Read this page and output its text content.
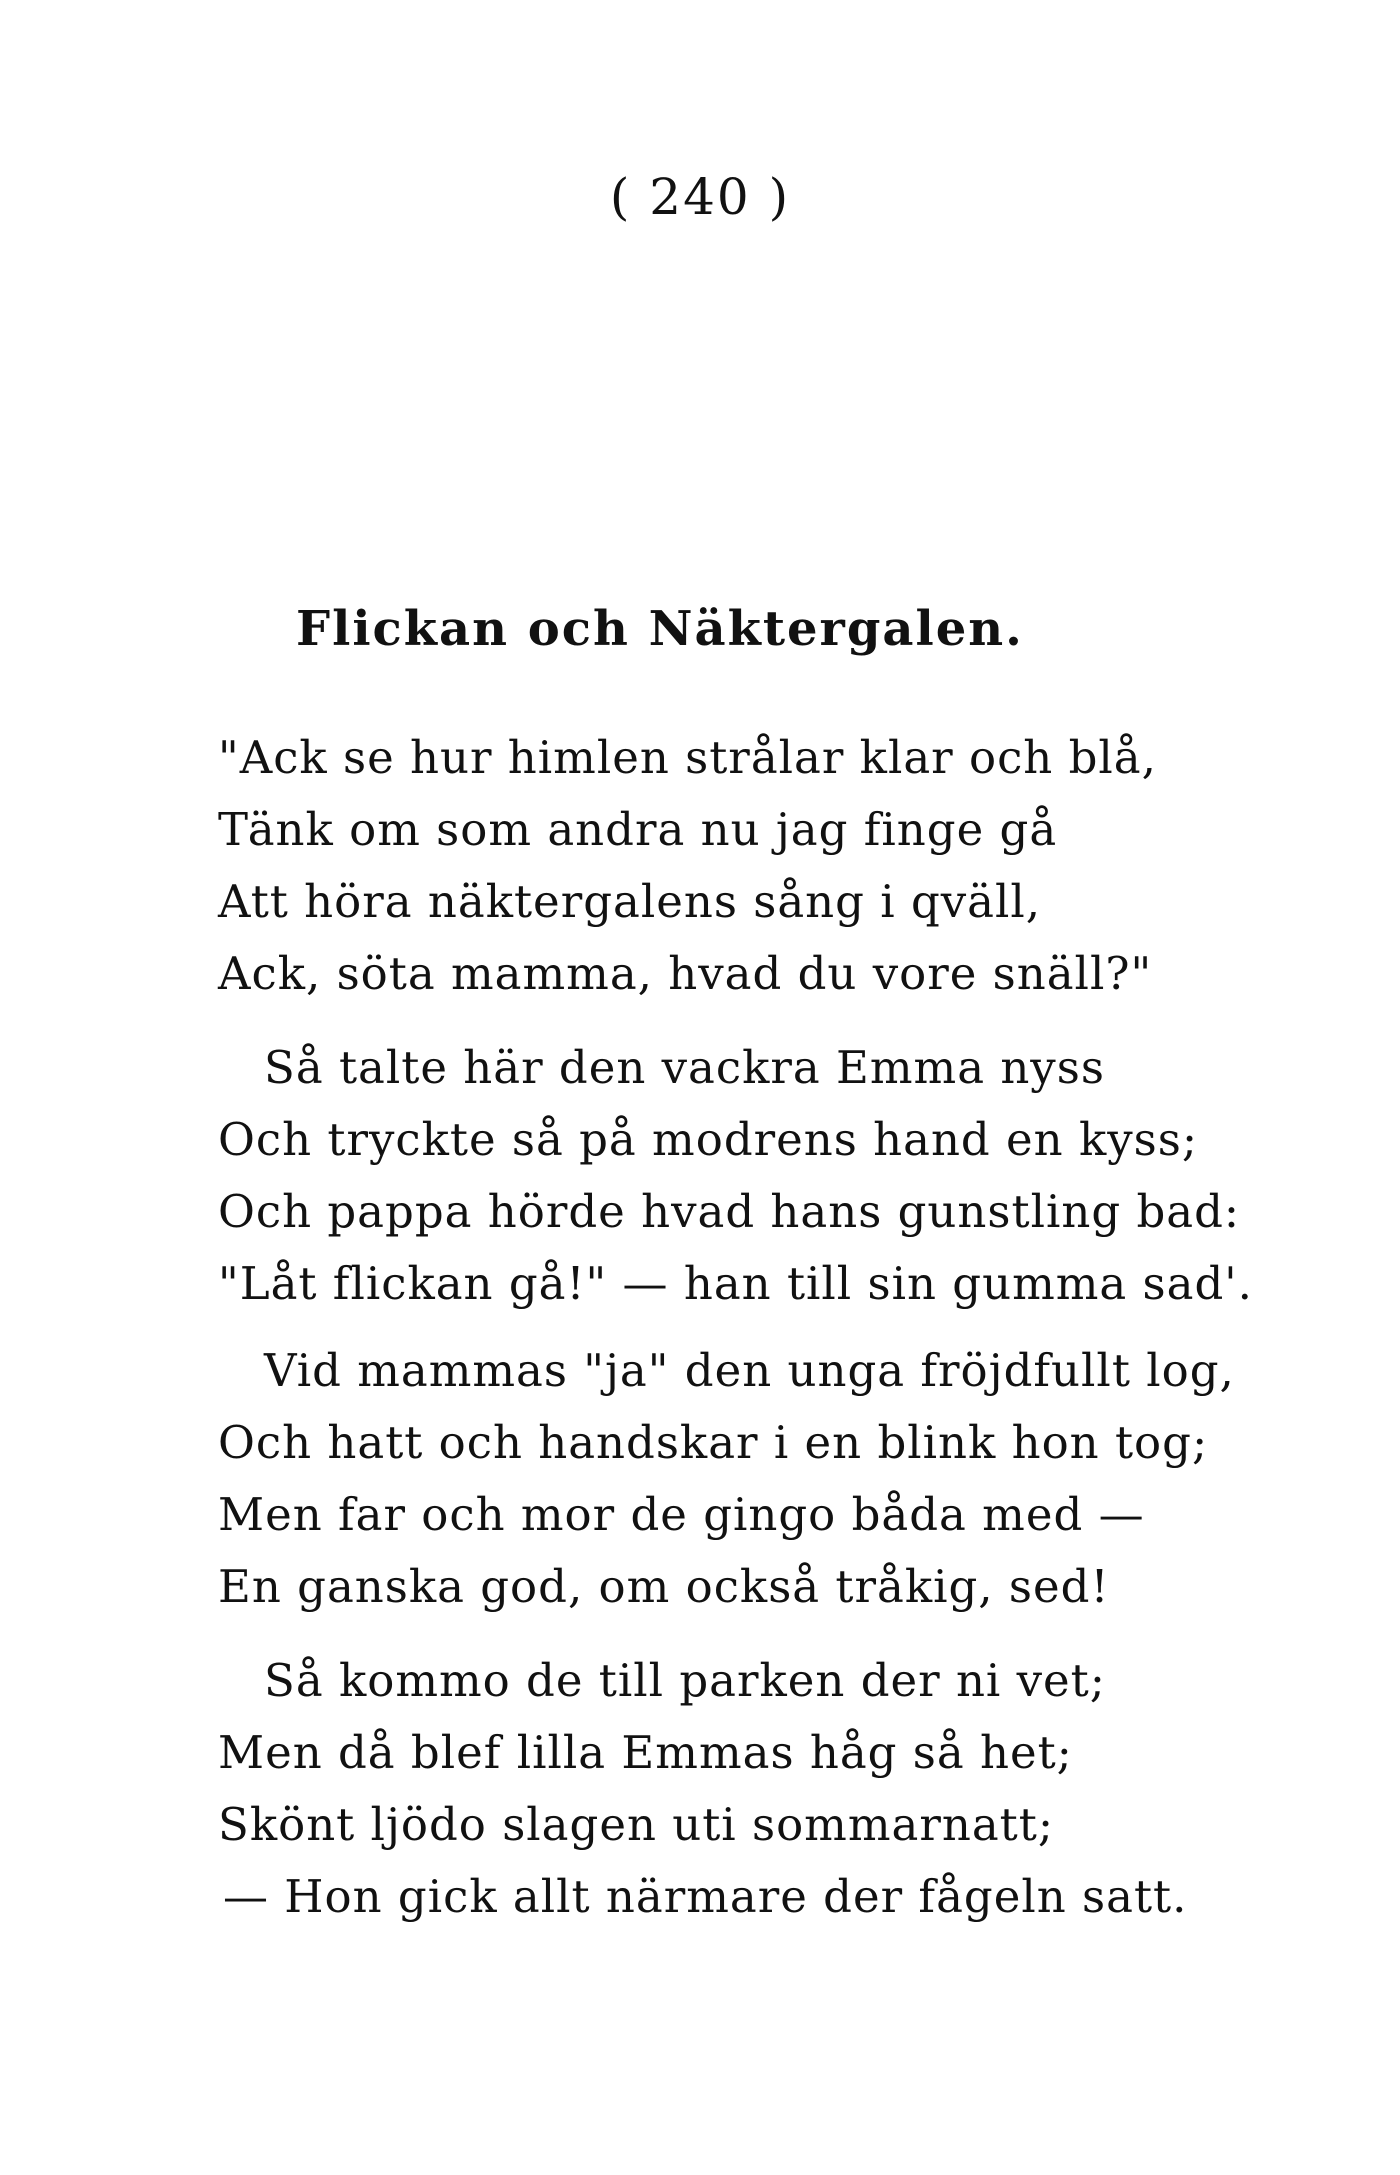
( 240 )
Flickan och Näktergalen.
"Ack se hur himlen strålar klar och blå,
Tänk om som andra nu jag finge gå
Att höra näktergalens sång i qväll,
Ack, söta mamma, hvad du vore snäll?"
Så talte här den vackra Emma nyss
Och tryckte så på modrens hand en kyss;
Och pappa hörde hvad hans gunstling bad:
"Låt flickan gå!" — han till sin gumma sad'.
Vid mammas "ja" den unga fröjdfullt log,
Och hatt och handskar i en blink hon tog;
Men far och mor de gingo båda med —
En ganska god, om också tråkig, sed!
Så kommo de till parken der ni vet;
Men då blef lilla Emmas håg så het;
Skönt ljödo slagen uti sommarnatt;
— Hon gick allt närmare der fågeln satt.
